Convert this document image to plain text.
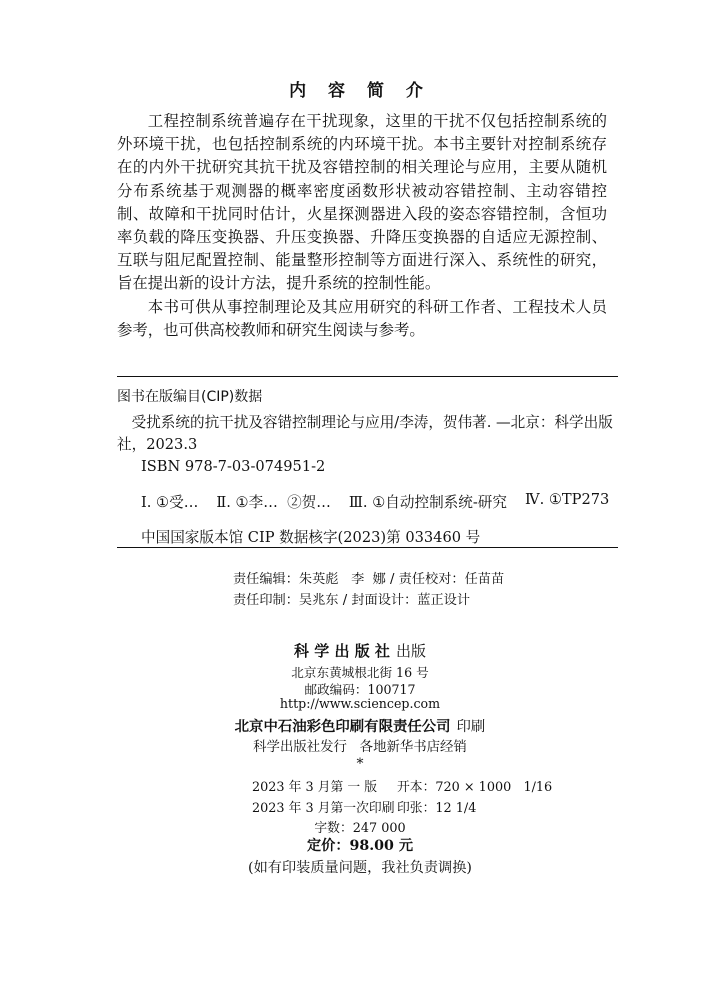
内 容 简 介

工程控制系统普遍存在干扰现象，这里的干扰不仅包括控制系统的外环境干扰，也包括控制系统的内环境干扰。本书主要针对控制系统存在的内外干扰研究其抗干扰及容错控制的相关理论与应用，主要从随机分布系统基于观测器的概率密度函数形状被动容错控制、主动容错控制、故障和干扰同时估计，火星探测器进入段的姿态容错控制，含恒功率负载的降压变换器、升压变换器、升降压变换器的自适应无源控制、互联与阻尼配置控制、能量整形控制等方面进行深入、系统性的研究，旨在提出新的设计方法，提升系统的控制性能。

本书可供从事控制理论及其应用研究的科研工作者、工程技术人员参考，也可供高校教师和研究生阅读与参考。

图书在版编目(CIP)数据

受扰系统的抗干扰及容错控制理论与应用/李涛，贺伟著. —北京：科学出版社，2023.3

ISBN 978-7-03-074951-2
Ⅰ. ①受… Ⅱ. ①李…  ②贺… Ⅲ. ①自动控制系统-研究 Ⅳ. ①TP273
中国国家版本馆 CIP 数据核字(2023)第 033460 号
责任编辑：朱英彪   李  娜 / 责任校对：任苗苗
责任印制：吴兆东 / 封面设计：蓝正设计
科 学 出 版 社 出版
北京东黄城根北街 16 号
邮政编码：100717
http://www.sciencep.com
北京中石油彩色印刷有限责任公司 印刷
科学出版社发行   各地新华书店经销
*
2023 年 3 月第 一 版 开本：720 × 1000   1/16
2023 年 3 月第一次印刷 印张：12 1/4
字数：247 000
定价：98.00 元
(如有印装质量问题，我社负责调换)
